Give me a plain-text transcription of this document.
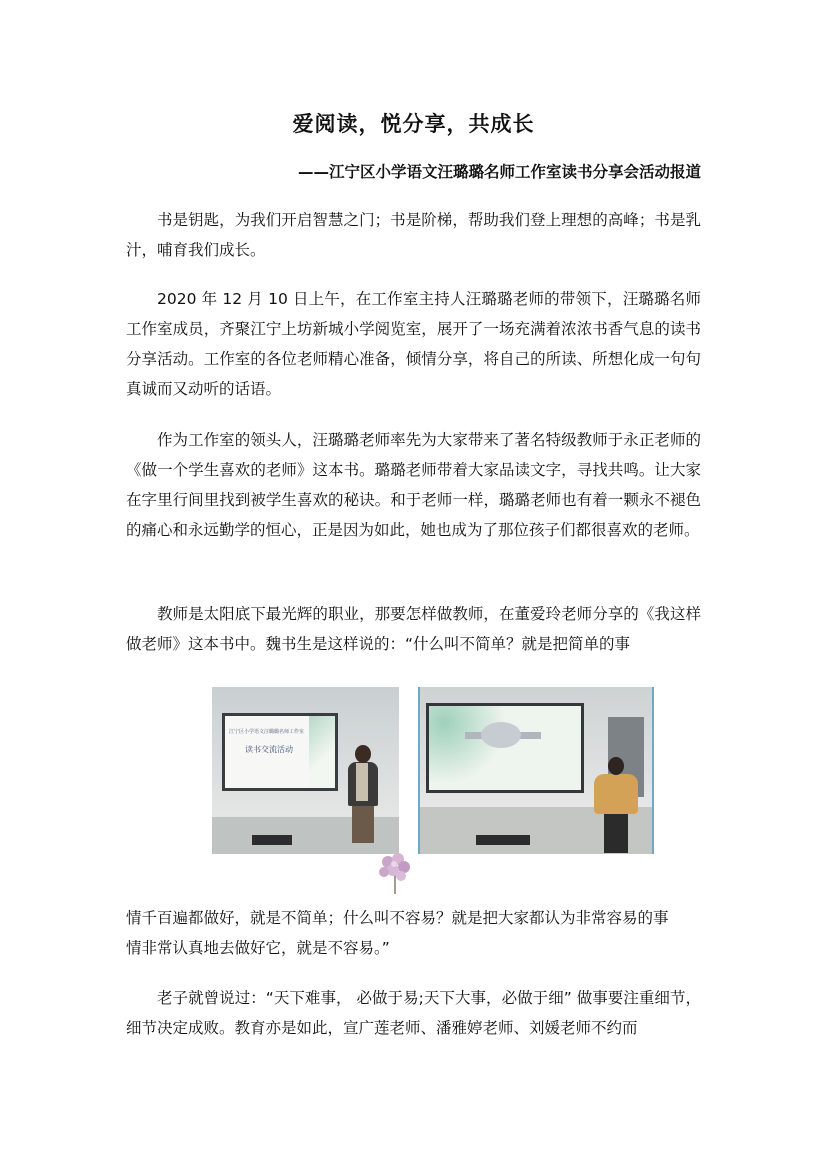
爱阅读，悦分享，共成长
——江宁区小学语文汪璐璐名师工作室读书分享会活动报道

书是钥匙，为我们开启智慧之门；书是阶梯，帮助我们登上理想的高峰；书是乳汁，哺育我们成长。

2020 年 12 月 10 日上午，在工作室主持人汪璐璐老师的带领下，汪璐璐名师工作室成员，齐聚江宁上坊新城小学阅览室，展开了一场充满着浓浓书香气息的读书分享活动。工作室的各位老师精心准备，倾情分享，将自己的所读、所想化成一句句真诚而又动听的话语。

作为工作室的领头人，汪璐璐老师率先为大家带来了著名特级教师于永正老师的《做一个学生喜欢的老师》这本书。璐璐老师带着大家品读文字，寻找共鸣。让大家在字里行间里找到被学生喜欢的秘诀。和于老师一样，璐璐老师也有着一颗永不褪色的痛心和永远勤学的恒心，正是因为如此，她也成为了那位孩子们都很喜欢的老师。

教师是太阳底下最光辉的职业，那要怎样做教师，在董爱玲老师分享的《我这样做老师》这本书中。魏书生是这样说的：“什么叫不简单？就是把简单的事

江宁区小学语文汪璐璐名师工作室
读书交流活动
情千百遍都做好，就是不简单；什么叫不容易？就是把大家都认为非常容易的事
情非常认真地去做好它，就是不容易。”

老子就曾说过：“天下难事， 必做于易;天下大事，必做于细” 做事要注重细节，细节决定成败。教育亦是如此，宣广莲老师、潘雅婷老师、刘媛老师不约而
